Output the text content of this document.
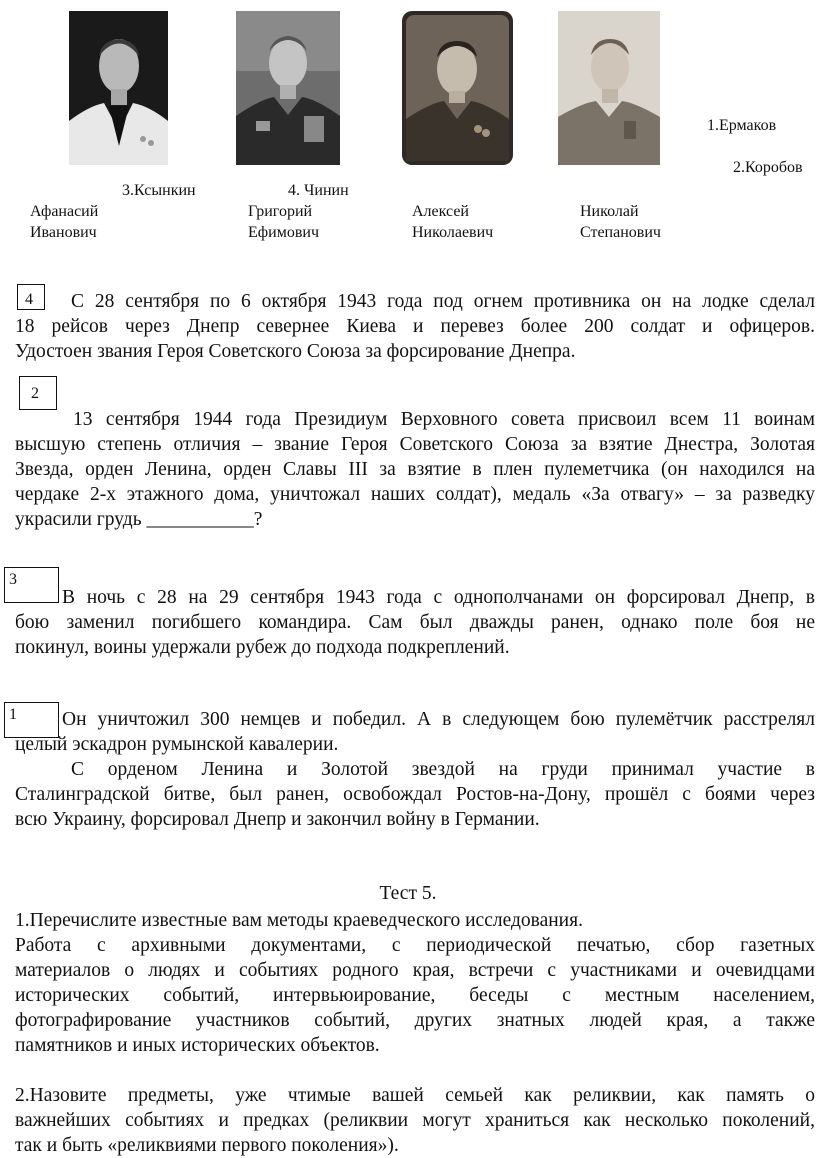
1.Ермаков
2.Коробов
3.Ксынкин	4. Чинин
Афанасий
Иванович
Григорий
Ефимович
Алексей
Николаевич
Николай
Степанович
4	С 28 сентября по 6 октября 1943 года под огнем противника он на лодке сделал
18 рейсов через Днепр севернее Киева и перевез более 200 солдат и офицеров.
Удостоен звания Героя Советского Союза за форсирование Днепра.
2
13 сентября 1944 года Президиум Верховного совета присвоил всем 11 воинам
высшую степень отличия – звание Героя Советского Союза за взятие Днестра, Золотая
Звезда, орден Ленина, орден Славы III за взятие в плен пулеметчика (он находился на
чердаке 2-х этажного дома, уничтожал наших солдат), медаль «За отвагу» – за разведку
украсили грудь ___________?
3
В ночь с 28 на 29 сентября 1943 года с однополчанами он форсировал Днепр, в
бою заменил погибшего командира. Сам был дважды ранен, однако поле боя не
покинул, воины удержали рубеж до подхода подкреплений.
1	Он уничтожил 300 немцев и победил. А в следующем бою пулемётчик расстрелял
целый эскадрон румынской кавалерии.
С орденом Ленина и Золотой звездой на груди принимал участие в
Сталинградской битве, был ранен, освобождал Ростов-на-Дону, прошёл с боями через
всю Украину, форсировал Днепр и закончил войну в Германии.
Тест 5.
1.Перечислите известные вам методы краеведческого исследования.
Работа с архивными документами, с периодической печатью, сбор газетных
материалов о людях и событиях родного края, встречи с участниками и очевидцами
исторических событий, интервьюирование, беседы с местным населением,
фотографирование участников событий, других знатных людей края, а также
памятников и иных исторических объектов.
2.Назовите предметы, уже чтимые вашей семьей как реликвии, как память о
важнейших событиях и предках (реликвии могут храниться как несколько поколений,
так и быть «реликвиями первого поколения»).
